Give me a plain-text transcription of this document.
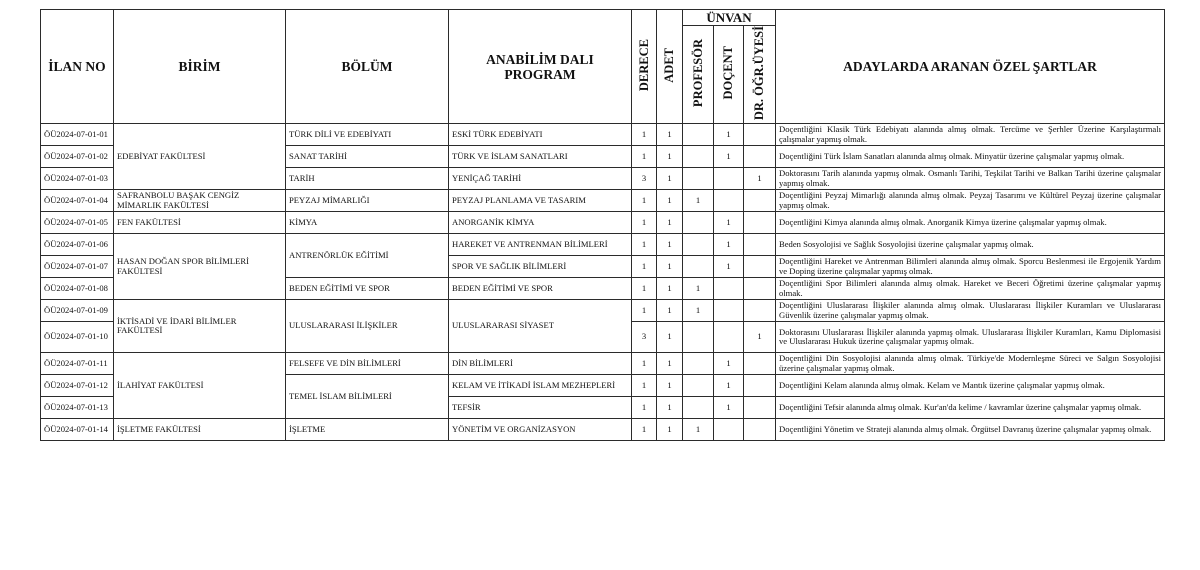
İLAN NO	BİRİM	BÖLÜM	ANABİLİM DALI PROGRAM	DERECE	ADET	ÜNVAN			ADAYLARDA ARANAN ÖZEL ŞARTLAR
						PROFESÖR	DOÇENT	DR. ÖĞR.ÜYESİ	
ÖÜ2024-07-01-01	EDEBİYAT FAKÜLTESİ	TÜRK DİLİ VE EDEBİYATI	ESKİ TÜRK EDEBİYATI	1	1		1		Doçentliğini Klasik Türk Edebiyatı alanında almış olmak. Tercüme ve Şerhler Üzerine Karşılaştırmalı çalışmalar yapmış olmak.
ÖÜ2024-07-01-02		SANAT TARİHİ	TÜRK VE İSLAM SANATLARI	1	1		1		Doçentliğini Türk İslam Sanatları alanında almış olmak. Minyatür üzerine çalışmalar yapmış olmak.
ÖÜ2024-07-01-03		TARİH	YENİÇAĞ TARİHİ	3	1			1	Doktorasını Tarih alanında yapmış olmak. Osmanlı Tarihi, Teşkilat Tarihi ve Balkan Tarihi üzerine çalışmalar yapmış olmak.
ÖÜ2024-07-01-04	SAFRANBOLU BAŞAK CENGİZ MİMARLIK FAKÜLTESİ	PEYZAJ MİMARLIĞI	PEYZAJ PLANLAMA VE TASARIM	1	1	1			Doçentliğini Peyzaj Mimarlığı alanında almış olmak. Peyzaj Tasarımı ve Kültürel Peyzaj üzerine çalışmalar yapmış olmak.
ÖÜ2024-07-01-05	FEN FAKÜLTESİ	KİMYA	ANORGANİK KİMYA	1	1		1		Doçentliğini Kimya alanında almış olmak. Anorganik Kimya üzerine çalışmalar yapmış olmak.
ÖÜ2024-07-01-06	HASAN DOĞAN SPOR BİLİMLERİ FAKÜLTESİ	ANTRENÖRLÜK EĞİTİMİ	HAREKET VE ANTRENMAN BİLİMLERİ	1	1		1		Beden Sosyolojisi ve Sağlık Sosyolojisi üzerine çalışmalar yapmış olmak.
ÖÜ2024-07-01-07			SPOR VE SAĞLIK BİLİMLERİ	1	1		1		Doçentliğini Hareket ve Antrenman Bilimleri alanında almış olmak. Sporcu Beslenmesi ile Ergojenik Yardım ve Doping üzerine çalışmalar yapmış olmak.
ÖÜ2024-07-01-08		BEDEN EĞİTİMİ VE SPOR	BEDEN EĞİTİMİ VE SPOR	1	1	1			Doçentliğini Spor Bilimleri alanında almış olmak. Hareket ve Beceri Öğretimi üzerine çalışmalar yapmış olmak.
ÖÜ2024-07-01-09	İKTİSADİ VE İDARİ BİLİMLER FAKÜLTESİ	ULUSLARARASI İLİŞKİLER	ULUSLARARASI SİYASET	1	1	1			Doçentliğini Uluslararası İlişkiler alanında almış olmak. Uluslararası İlişkiler Kuramları ve Uluslararası Güvenlik üzerine çalışmalar yapmış olmak.
ÖÜ2024-07-01-10				3	1			1	Doktorasını Uluslararası İlişkiler alanında yapmış olmak. Uluslararası İlişkiler Kuramları, Kamu Diplomasisi ve Uluslararası Hukuk üzerine çalışmalar yapmış olmak.
ÖÜ2024-07-01-11	İLAHİYAT FAKÜLTESİ	FELSEFE VE DİN BİLİMLERİ	DİN BİLİMLERİ	1	1		1		Doçentliğini Din Sosyolojisi alanında almış olmak. Türkiye'de Modernleşme Süreci ve Salgın Sosyolojisi üzerine çalışmalar yapmış olmak.
ÖÜ2024-07-01-12		TEMEL İSLAM BİLİMLERİ	KELAM VE İTİKADİ İSLAM MEZHEPLERİ	1	1		1		Doçentliğini Kelam alanında almış olmak. Kelam ve Mantık üzerine çalışmalar yapmış olmak.
ÖÜ2024-07-01-13			TEFSİR	1	1		1		Doçentliğini Tefsir alanında almış olmak. Kur'an'da kelime / kavramlar üzerine çalışmalar yapmış olmak.
ÖÜ2024-07-01-14	İŞLETME FAKÜLTESİ	İŞLETME	YÖNETİM VE ORGANİZASYON	1	1	1			Doçentliğini Yönetim ve Strateji alanında almış olmak. Örgütsel Davranış üzerine çalışmalar yapmış olmak.
